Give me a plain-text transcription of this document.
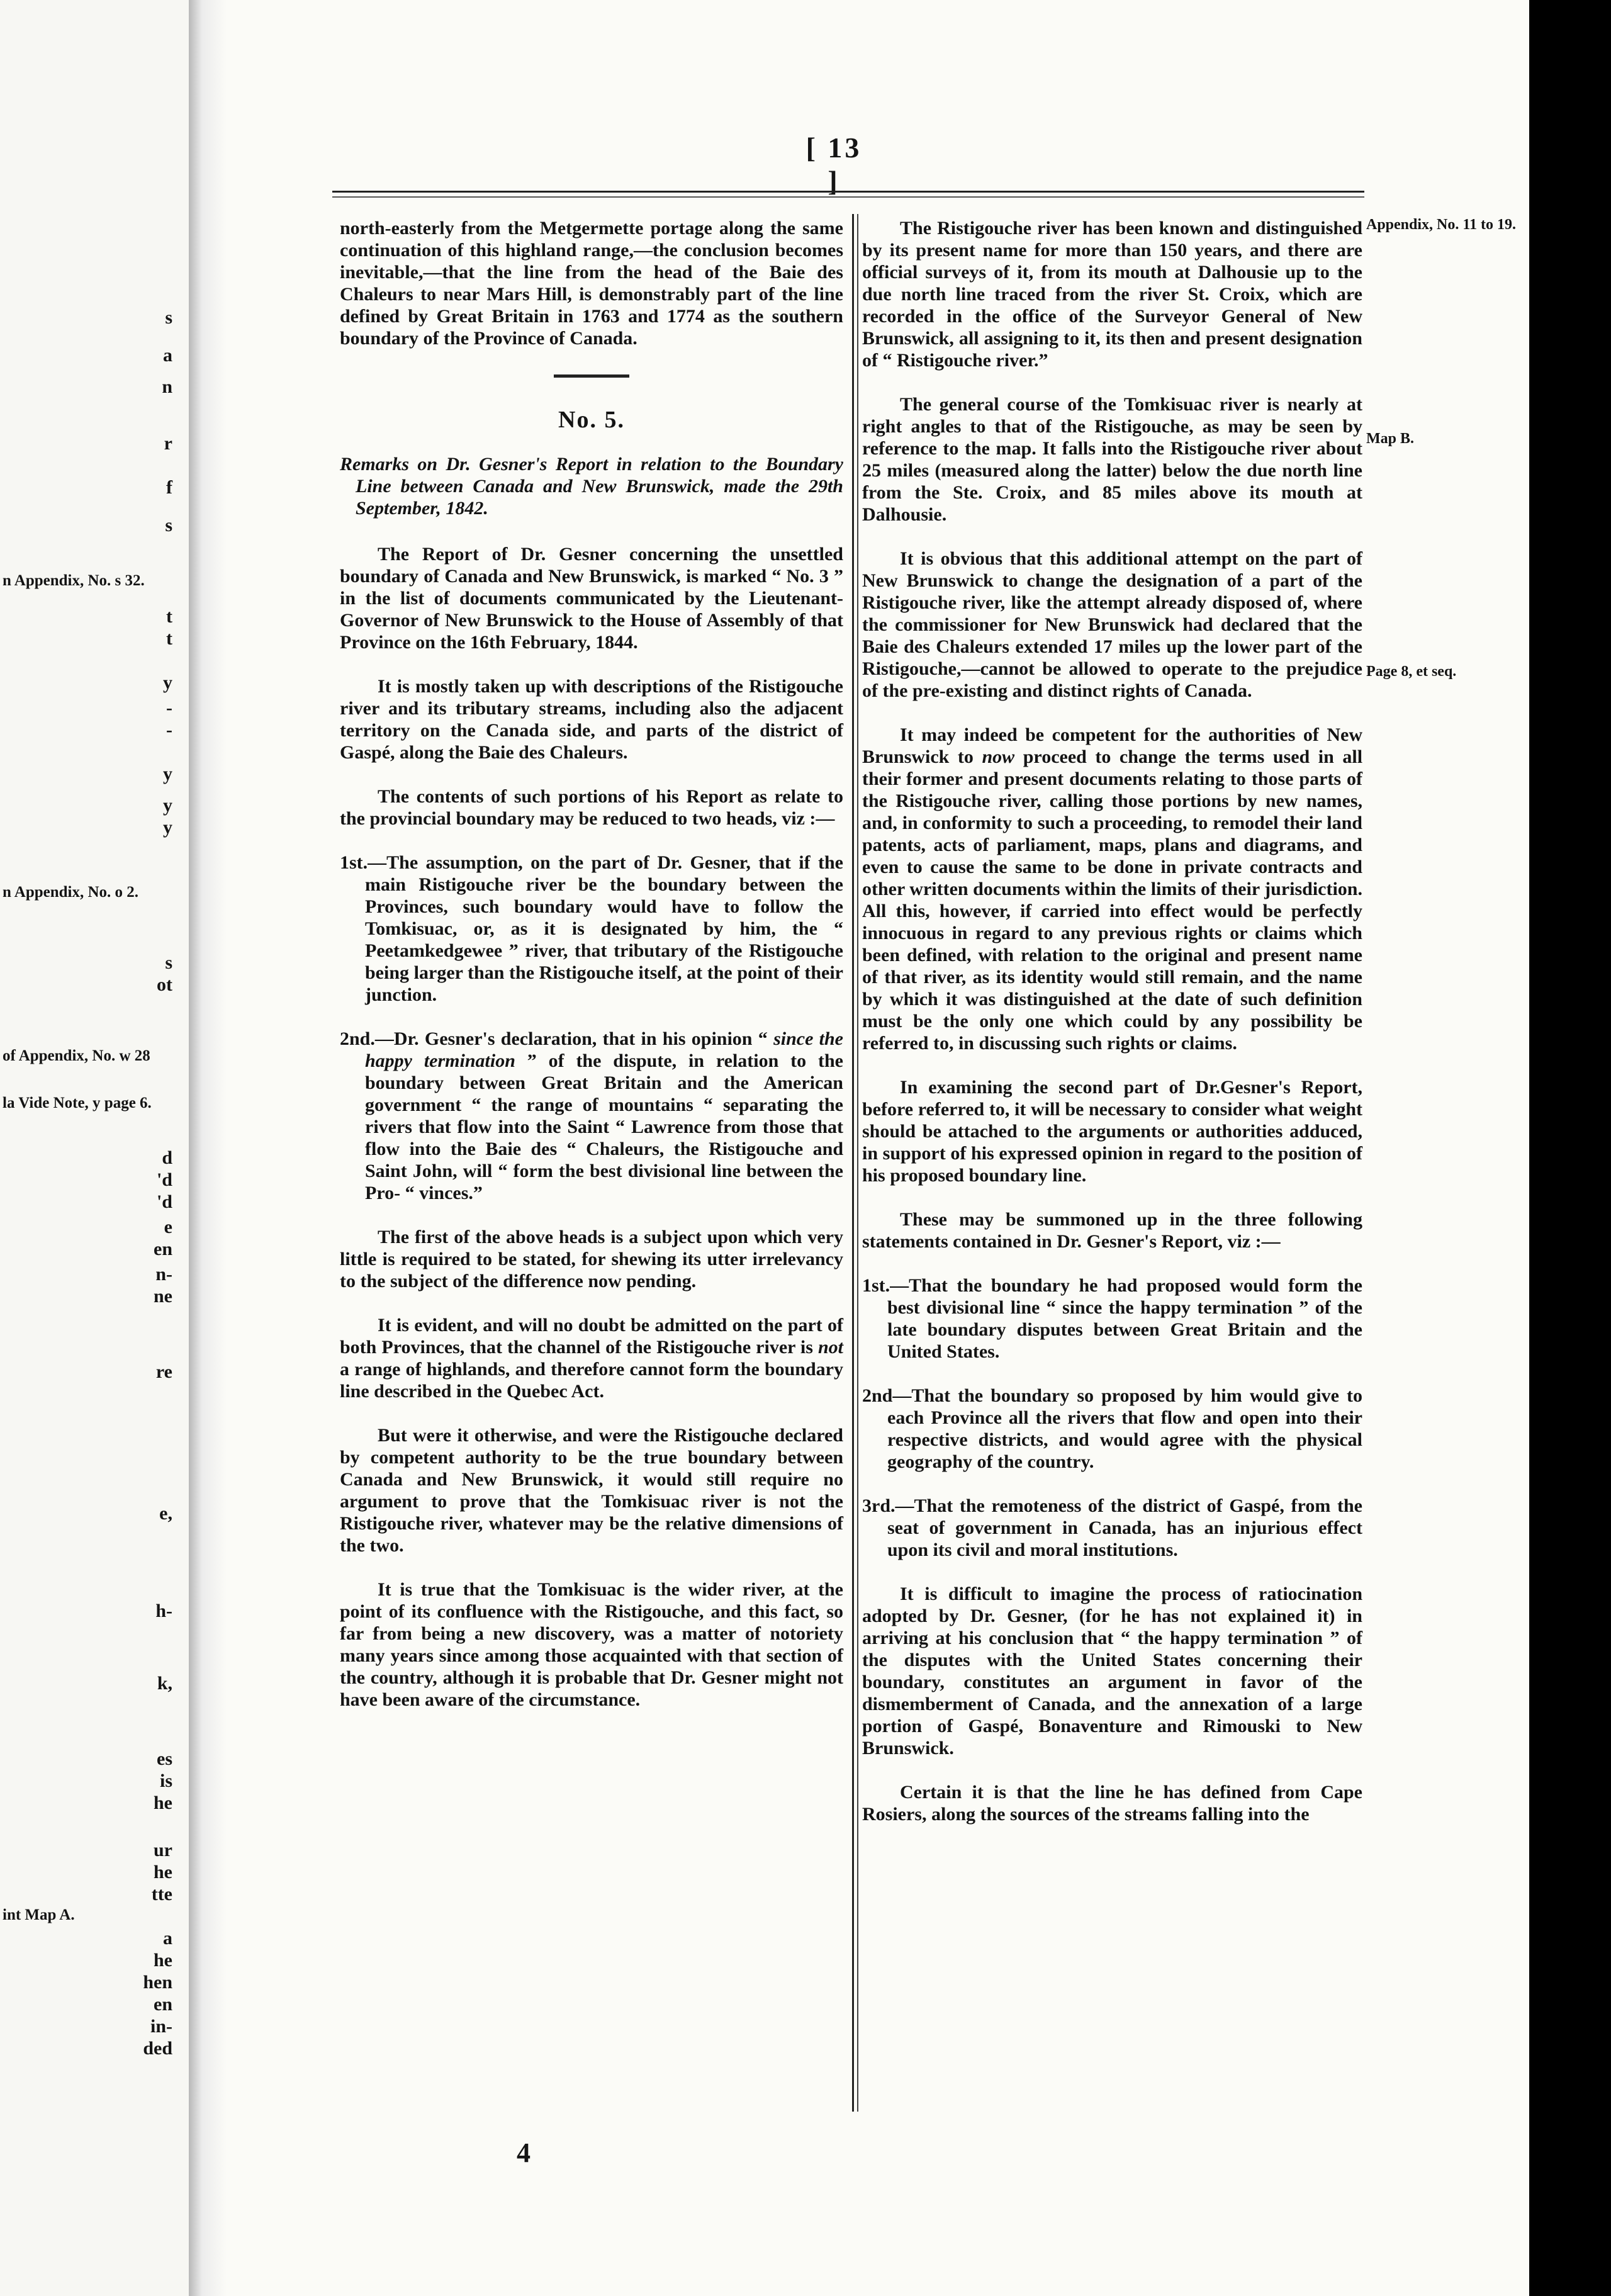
s
a
n
r
f
s
n Appendix, No. s 32.
t
t
y
-
-
y
y
y
n Appendix, No. o 2.
s
ot
of Appendix, No. w 28
la Vide Note, y page 6.
d
'd
'd
e
en
n-
ne
re
e,
h-
k,
es
is
he
ur
he
tte
int Map A.
a
he
hen
en
in-
ded
[ 13 ]

north-easterly from the Metgermette portage along the same continuation of this highland range,—the conclusion becomes inevitable,—that the line from the head of the Baie des Chaleurs to near Mars Hill, is demonstrably part of the line defined by Great Britain in 1763 and 1774 as the southern boundary of the Province of Canada.

No. 5.

Remarks on Dr. Gesner's Report in relation to the Boundary Line between Canada and New Brunswick, made the 29th September, 1842.

The Report of Dr. Gesner concerning the unsettled boundary of Canada and New Brunswick, is marked “ No. 3 ” in the list of documents communicated by the Lieutenant-Governor of New Brunswick to the House of Assembly of that Province on the 16th February, 1844.

It is mostly taken up with descriptions of the Ristigouche river and its tributary streams, including also the adjacent territory on the Canada side, and parts of the district of Gaspé, along the Baie des Chaleurs.

The contents of such portions of his Report as relate to the provincial boundary may be reduced to two heads, viz :—

1st.—The assumption, on the part of Dr. Gesner, that if the main Ristigouche river be the boundary between the Provinces, such boundary would have to follow the Tomkisuac, or, as it is designated by him, the “ Peetamkedgewee ” river, that tributary of the Ristigouche being larger than the Ristigouche itself, at the point of their junction.

2nd.—Dr. Gesner's declaration, that in his opinion “ since the happy termination ” of the dispute, in relation to the boundary between Great Britain and the American government “ the range of mountains “ separating the rivers that flow into the Saint “ Lawrence from those that flow into the Baie des “ Chaleurs, the Ristigouche and Saint John, will “ form the best divisional line between the Pro- “ vinces.”

The first of the above heads is a subject upon which very little is required to be stated, for shewing its utter irrelevancy to the subject of the difference now pending.

It is evident, and will no doubt be admitted on the part of both Provinces, that the channel of the Ristigouche river is not a range of highlands, and therefore cannot form the boundary line described in the Quebec Act.

But were it otherwise, and were the Ristigouche declared by competent authority to be the true boundary between Canada and New Brunswick, it would still require no argument to prove that the Tomkisuac river is not the Ristigouche river, whatever may be the relative dimensions of the two.

It is true that the Tomkisuac is the wider river, at the point of its confluence with the Ristigouche, and this fact, so far from being a new discovery, was a matter of notoriety many years since among those acquainted with that section of the country, although it is probable that Dr. Gesner might not have been aware of the circumstance.

The Ristigouche river has been known and distinguished by its present name for more than 150 years, and there are official surveys of it, from its mouth at Dalhousie up to the due north line traced from the river St. Croix, which are recorded in the office of the Surveyor General of New Brunswick, all assigning to it, its then and present designation of “ Ristigouche river.”

The general course of the Tomkisuac river is nearly at right angles to that of the Ristigouche, as may be seen by reference to the map. It falls into the Ristigouche river about 25 miles (measured along the latter) below the due north line from the Ste. Croix, and 85 miles above its mouth at Dalhousie.

It is obvious that this additional attempt on the part of New Brunswick to change the designation of a part of the Ristigouche river, like the attempt already disposed of, where the commissioner for New Brunswick had declared that the Baie des Chaleurs extended 17 miles up the lower part of the Ristigouche,—cannot be allowed to operate to the prejudice of the pre-existing and distinct rights of Canada.

It may indeed be competent for the authorities of New Brunswick to now proceed to change the terms used in all their former and present documents relating to those parts of the Ristigouche river, calling those portions by new names, and, in conformity to such a proceeding, to remodel their land patents, acts of parliament, maps, plans and diagrams, and even to cause the same to be done in private contracts and other written documents within the limits of their jurisdiction. All this, however, if carried into effect would be perfectly innocuous in regard to any previous rights or claims which been defined, with relation to the original and present name of that river, as its identity would still remain, and the name by which it was distinguished at the date of such definition must be the only one which could by any possibility be referred to, in discussing such rights or claims.

In examining the second part of Dr.Gesner's Report, before referred to, it will be necessary to consider what weight should be attached to the arguments or authorities adduced, in support of his expressed opinion in regard to the position of his proposed boundary line.

These may be summoned up in the three following statements contained in Dr. Gesner's Report, viz :—

1st.—That the boundary he had proposed would form the best divisional line “ since the happy termination ” of the late boundary disputes between Great Britain and the United States.

2nd—That the boundary so proposed by him would give to each Province all the rivers that flow and open into their respective districts, and would agree with the physical geography of the country.

3rd.—That the remoteness of the district of Gaspé, from the seat of government in Canada, has an injurious effect upon its civil and moral institutions.

It is difficult to imagine the process of ratiocination adopted by Dr. Gesner, (for he has not explained it) in arriving at his conclusion that “ the happy termination ” of the disputes with the United States concerning their boundary, constitutes an argument in favor of the dismemberment of Canada, and the annexation of a large portion of Gaspé, Bonaventure and Rimouski to New Brunswick.

Certain it is that the line he has defined from Cape Rosiers, along the sources of the streams falling into the

Appendix, No. 11 to 19.
Map B.
Page 8, et seq.
4
